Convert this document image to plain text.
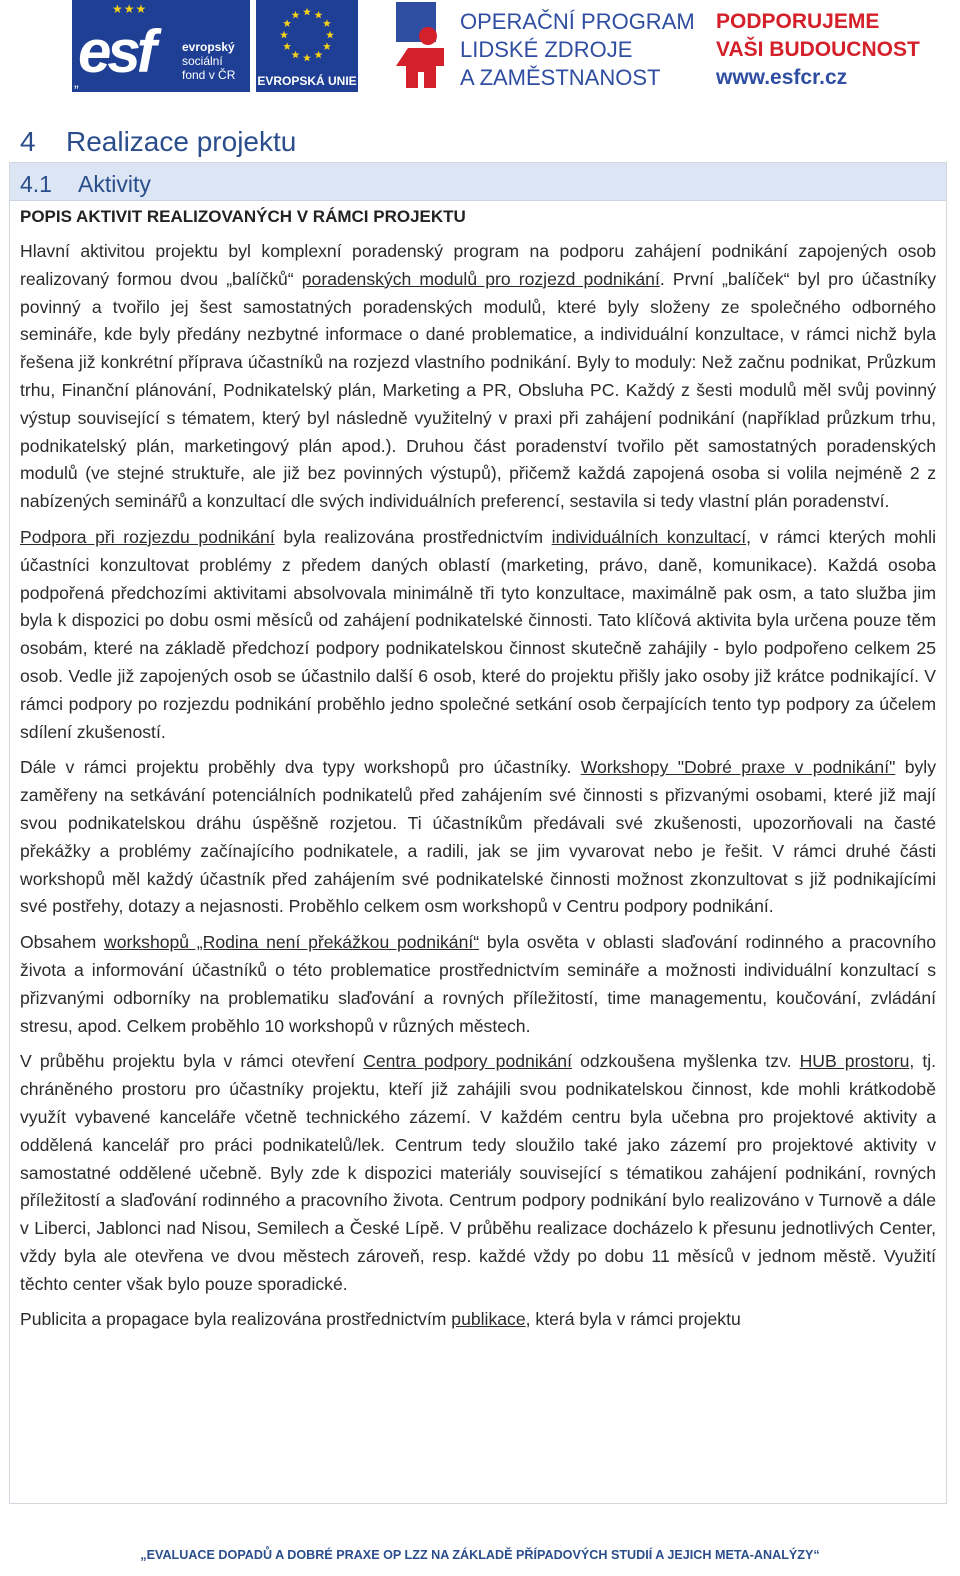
★★★
esf evropský
sociální
fond v ČR
„	EVROPSKÁ UNIE
OPERAČNÍ PROGRAM
LIDSKÉ ZDROJE
A ZAMĚSTNANOST
PODPORUJEME
VAŠI BUDOUCNOST
www.esfcr.cz
4 Realizace projektu
4.1 Aktivity
POPIS AKTIVIT REALIZOVANÝCH V RÁMCI PROJEKTU

Hlavní aktivitou projektu byl komplexní poradenský program na podporu zahájení podnikání zapojených osob realizovaný formou dvou „balíčků“ poradenských modulů pro rozjezd podnikání. První „balíček“ byl pro účastníky povinný a tvořilo jej šest samostatných poradenských modulů, které byly složeny ze společného odborného semináře, kde byly předány nezbytné informace o dané problematice, a individuální konzultace, v rámci nichž byla řešena již konkrétní příprava účastníků na rozjezd vlastního podnikání. Byly to moduly: Než začnu podnikat, Průzkum trhu, Finanční plánování, Podnikatelský plán, Marketing a PR, Obsluha PC. Každý z šesti modulů měl svůj povinný výstup související s tématem, který byl následně využitelný v praxi při zahájení podnikání (například průzkum trhu, podnikatelský plán, marketingový plán apod.). Druhou část poradenství tvořilo pět samostatných poradenských modulů (ve stejné struktuře, ale již bez povinných výstupů), přičemž každá zapojená osoba si volila nejméně 2 z nabízených seminářů a konzultací dle svých individuálních preferencí, sestavila si tedy vlastní plán poradenství.

Podpora při rozjezdu podnikání byla realizována prostřednictvím individuálních konzultací, v rámci kterých mohli účastníci konzultovat problémy z předem daných oblastí (marketing, právo, daně, komunikace). Každá osoba podpořená předchozími aktivitami absolvovala minimálně tři tyto konzultace, maximálně pak osm, a tato služba jim byla k dispozici po dobu osmi měsíců od zahájení podnikatelské činnosti. Tato klíčová aktivita byla určena pouze těm osobám, které na základě předchozí podpory podnikatelskou činnost skutečně zahájily - bylo podpořeno celkem 25 osob. Vedle již zapojených osob se účastnilo další 6 osob, které do projektu přišly jako osoby již krátce podnikající. V rámci podpory po rozjezdu podnikání proběhlo jedno společné setkání osob čerpajících tento typ podpory za účelem sdílení zkušeností.

Dále v rámci projektu proběhly dva typy workshopů pro účastníky. Workshopy "Dobré praxe v podnikání" byly zaměřeny na setkávání potenciálních podnikatelů před zahájením své činnosti s přizvanými osobami, které již mají svou podnikatelskou dráhu úspěšně rozjetou. Ti účastníkům předávali své zkušenosti, upozorňovali na časté překážky a problémy začínajícího podnikatele, a radili, jak se jim vyvarovat nebo je řešit. V rámci druhé části workshopů měl každý účastník před zahájením své podnikatelské činnosti možnost zkonzultovat s již podnikajícími své postřehy, dotazy a nejasnosti. Proběhlo celkem osm workshopů v Centru podpory podnikání.

Obsahem workshopů „Rodina není překážkou podnikání“ byla osvěta v oblasti slaďování rodinného a pracovního života a informování účastníků o této problematice prostřednictvím semináře a možnosti individuální konzultací s přizvanými odborníky na problematiku slaďování a rovných příležitostí, time managementu, koučování, zvládání stresu, apod. Celkem proběhlo 10 workshopů v různých městech.

V průběhu projektu byla v rámci otevření Centra podpory podnikání odzkoušena myšlenka tzv. HUB prostoru, tj. chráněného prostoru pro účastníky projektu, kteří již zahájili svou podnikatelskou činnost, kde mohli krátkodobě využít vybavené kanceláře včetně technického zázemí. V každém centru byla učebna pro projektové aktivity a oddělená kancelář pro práci podnikatelů/lek. Centrum tedy sloužilo také jako zázemí pro projektové aktivity v samostatné oddělené učebně. Byly zde k dispozici materiály související s tématikou zahájení podnikání, rovných příležitostí a slaďování rodinného a pracovního života. Centrum podpory podnikání bylo realizováno v Turnově a dále v Liberci, Jablonci nad Nisou, Semilech a České Lípě. V průběhu realizace docházelo k přesunu jednotlivých Center, vždy byla ale otevřena ve dvou městech zároveň, resp. každé vždy po dobu 11 měsíců v jednom městě. Využití těchto center však bylo pouze sporadické.

Publicita a propagace byla realizována prostřednictvím publikace, která byla v rámci projektu

„EVALUACE DOPADŮ A DOBRÉ PRAXE OP LZZ NA ZÁKLADĚ PŘÍPADOVÝCH STUDIÍ A JEJICH META-ANALÝZY“
